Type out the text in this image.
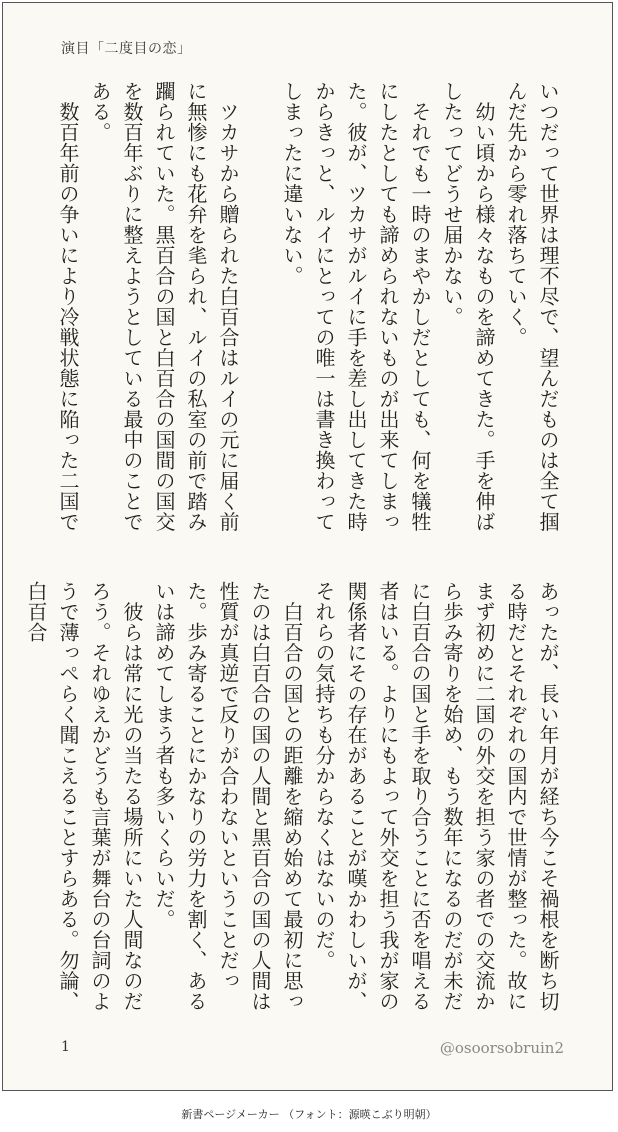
演目「二度目の恋」

いつだって世界は理不尽で、望んだものは全て掴んだ先から零れ落ちていく。

　幼い頃から様々なものを諦めてきた。手を伸ばしたってどうせ届かない。

　それでも一時のまやかしだとしても、何を犠牲にしたとしても諦められないものが出来てしまった。彼が、ツカサがルイに手を差し出してきた時からきっと、ルイにとっての唯一は書き換わってしまったに違いない。

　ツカサから贈られた白百合はルイの元に届く前に無惨にも花弁を毟られ、ルイの私室の前で踏み躙られていた。黒百合の国と白百合の国間の国交を数百年ぶりに整えようとしている最中のことである。

　数百年前の争いにより冷戦状態に陥った二国で

あったが、長い年月が経ち今こそ禍根を断ち切る時だとそれぞれの国内で世情が整った。故にまず初めに二国の外交を担う家の者での交流から歩み寄りを始め、もう数年になるのだが未だに白百合の国と手を取り合うことに否を唱える者はいる。よりにもよって外交を担う我が家の関係者にその存在があることが嘆かわしいが、それらの気持ちも分からなくはないのだ。

　白百合の国との距離を縮め始めて最初に思ったのは白百合の国の人間と黒百合の国の人間は性質が真逆で反りが合わないということだった。歩み寄ることにかなりの労力を割く、あるいは諦めてしまう者も多いくらいだ。

　彼らは常に光の当たる場所にいた人間なのだろう。それゆえかどうも言葉が舞台の台詞のようで薄っぺらく聞こえることすらある。勿論、白百合

1	@osoorsobruin2
新書ページメーカー （フォント：源暎こぶり明朝）
